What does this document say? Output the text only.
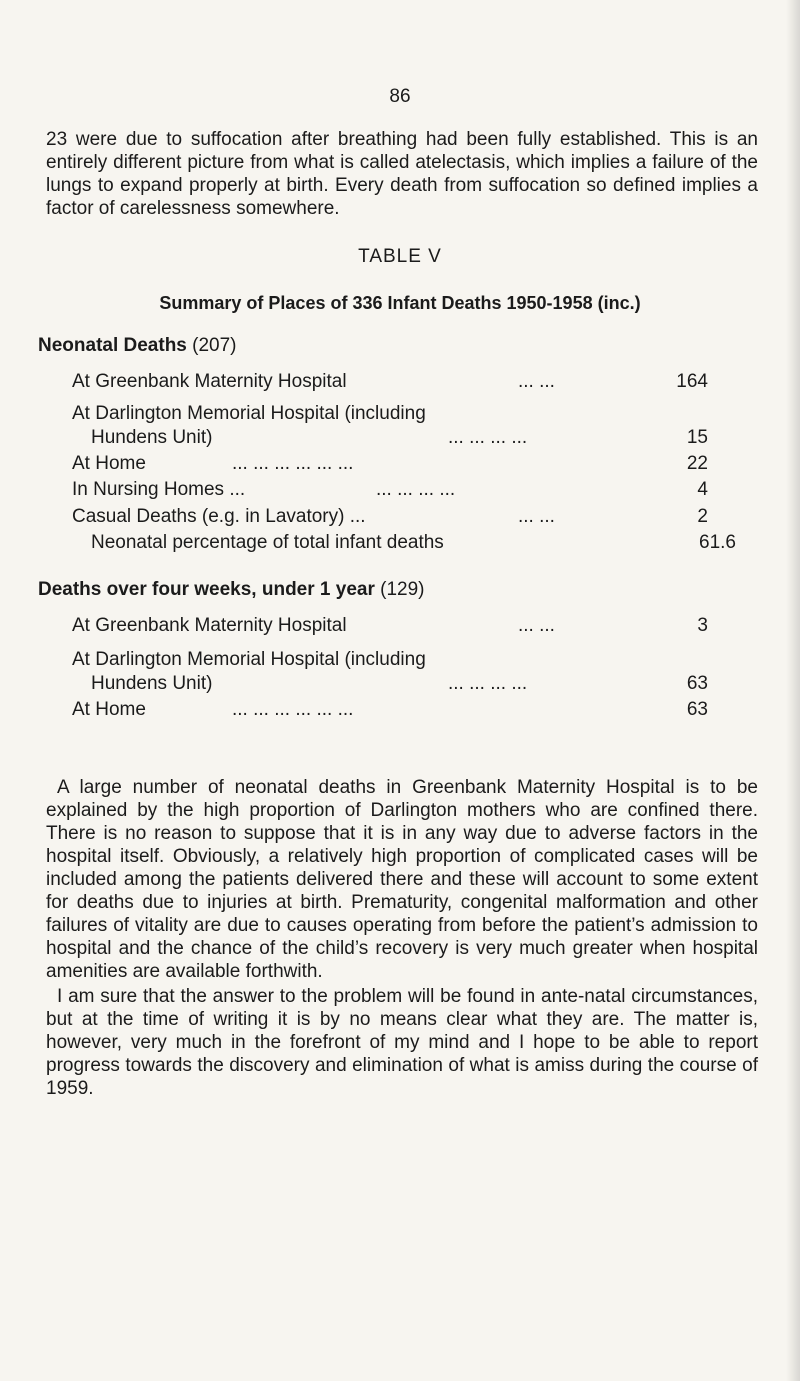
86

23 were due to suffocation after breathing had been fully established. This is an entirely different picture from what is called atelectasis, which implies a failure of the lungs to expand properly at birth. Every death from suffocation so defined implies a factor of carelessness somewhere.

TABLE V
Summary of Places of 336 Infant Deaths 1950-1958 (inc.)
Neonatal Deaths (207)
At Greenbank Maternity Hospital	... ...	164
At Darlington Memorial Hospital (including
Hundens Unit)	... ... ... ...	15
At Home	... ... ... ... ... ...	22
In Nursing Homes ...	... ... ... ...	4
Casual Deaths (e.g. in Lavatory) ...	... ...	2
Neonatal percentage of total infant deaths	61.6
Deaths over four weeks, under 1 year (129)
At Greenbank Maternity Hospital	... ...	3
At Darlington Memorial Hospital (including
Hundens Unit)	... ... ... ...	63
At Home	... ... ... ... ... ...	63

A large number of neonatal deaths in Greenbank Maternity Hospital is to be explained by the high proportion of Darlington mothers who are confined there. There is no reason to suppose that it is in any way due to adverse factors in the hospital itself. Obviously, a relatively high proportion of complicated cases will be included among the patients delivered there and these will account to some extent for deaths due to injuries at birth. Prematurity, congenital malformation and other failures of vitality are due to causes operating from before the patient’s admission to hospital and the chance of the child’s recovery is very much greater when hospital amenities are available forthwith.

I am sure that the answer to the problem will be found in ante-natal circumstances, but at the time of writing it is by no means clear what they are. The matter is, however, very much in the forefront of my mind and I hope to be able to report progress towards the discovery and elimination of what is amiss during the course of 1959.
